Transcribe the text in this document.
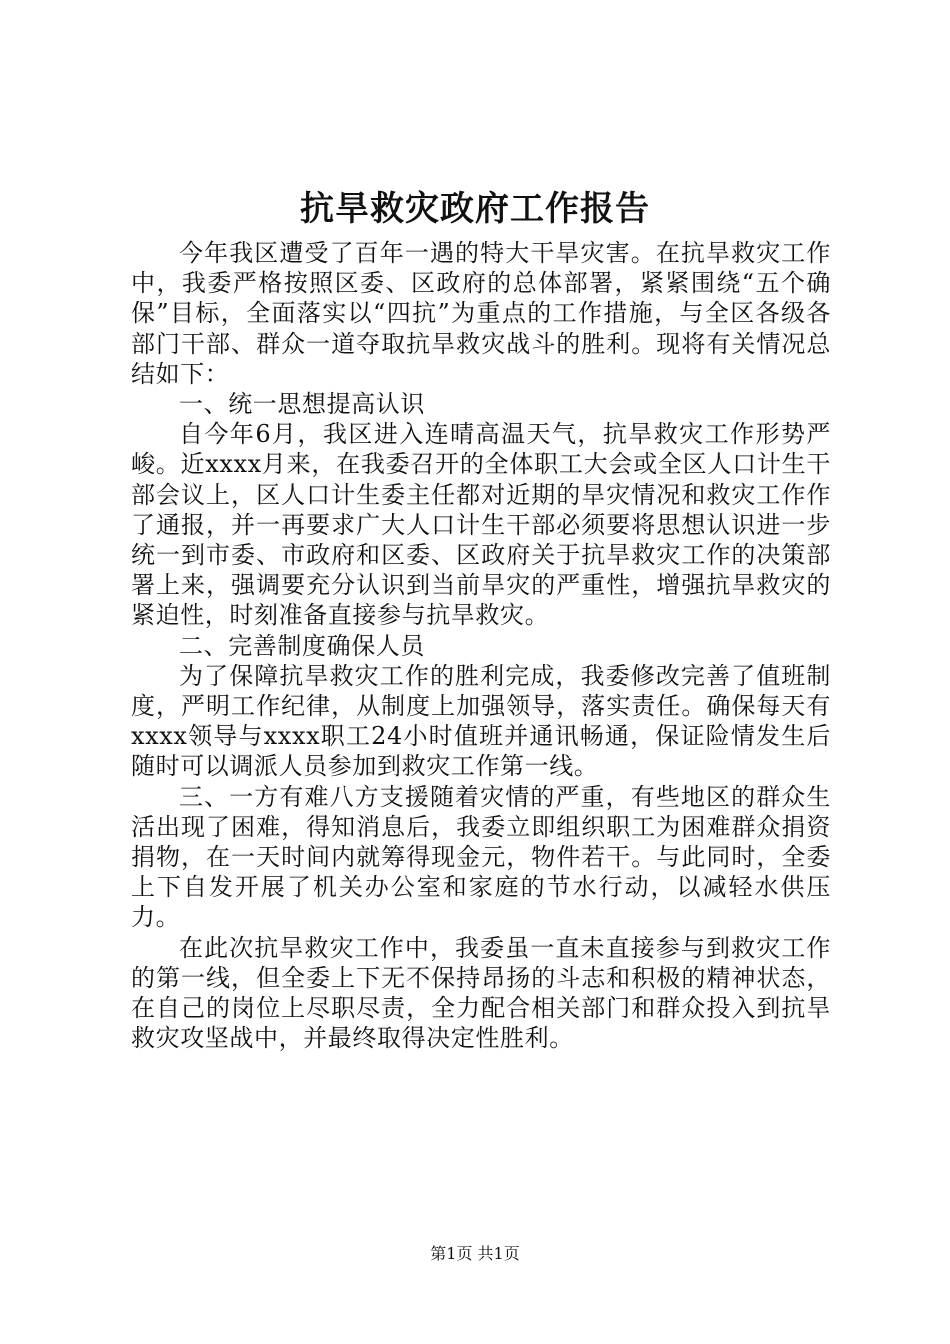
抗旱救灾政府工作报告

今年我区遭受了百年一遇的特大干旱灾害。在抗旱救灾工作中，我委严格按照区委、区政府的总体部署，紧紧围绕“五个确保”目标，全面落实以“四抗”为重点的工作措施，与全区各级各部门干部、群众一道夺取抗旱救灾战斗的胜利。现将有关情况总结如下：

一、统一思想提高认识

自今年6月，我区进入连晴高温天气，抗旱救灾工作形势严峻。近xxxx月来，在我委召开的全体职工大会或全区人口计生干部会议上，区人口计生委主任都对近期的旱灾情况和救灾工作作了通报，并一再要求广大人口计生干部必须要将思想认识进一步统一到市委、市政府和区委、区政府关于抗旱救灾工作的决策部署上来，强调要充分认识到当前旱灾的严重性，增强抗旱救灾的紧迫性，时刻准备直接参与抗旱救灾。

二、完善制度确保人员

为了保障抗旱救灾工作的胜利完成，我委修改完善了值班制度，严明工作纪律，从制度上加强领导，落实责任。确保每天有xxxx领导与xxxx职工24小时值班并通讯畅通，保证险情发生后随时可以调派人员参加到救灾工作第一线。

三、一方有难八方支援随着灾情的严重，有些地区的群众生活出现了困难，得知消息后，我委立即组织职工为困难群众捐资捐物，在一天时间内就筹得现金元，物件若干。与此同时，全委上下自发开展了机关办公室和家庭的节水行动，以减轻水供压力。

在此次抗旱救灾工作中，我委虽一直未直接参与到救灾工作的第一线，但全委上下无不保持昂扬的斗志和积极的精神状态，在自己的岗位上尽职尽责，全力配合相关部门和群众投入到抗旱救灾攻坚战中，并最终取得决定性胜利。

第1页 共1页
